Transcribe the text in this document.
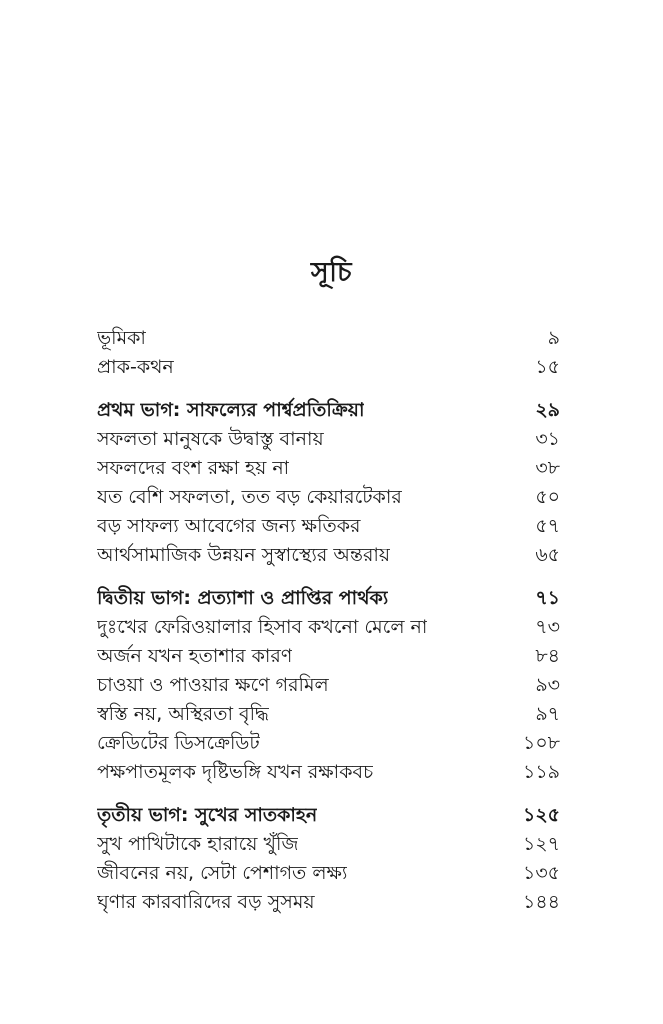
সূচি
ভূমিকা	৯
প্রাক-কথন	১৫
প্রথম ভাগ: সাফল্যের পার্শ্বপ্রতিক্রিয়া	২৯
সফলতা মানুষকে উদ্বাস্তু বানায়	৩১
সফলদের বংশ রক্ষা হয় না	৩৮
যত বেশি সফলতা, তত বড় কেয়ারটেকার	৫০
বড় সাফল্য আবেগের জন্য ক্ষতিকর	৫৭
আর্থসামাজিক উন্নয়ন সুস্বাস্থ্যের অন্তরায়	৬৫
দ্বিতীয় ভাগ: প্রত্যাশা ও প্রাপ্তির পার্থক্য	৭১
দুঃখের ফেরিওয়ালার হিসাব কখনো মেলে না	৭৩
অর্জন যখন হতাশার কারণ	৮৪
চাওয়া ও পাওয়ার ক্ষণে গরমিল	৯৩
স্বস্তি নয়, অস্থিরতা বৃদ্ধি	৯৭
ক্রেডিটের ডিসক্রেডিট	১০৮
পক্ষপাতমূলক দৃষ্টিভঙ্গি যখন রক্ষাকবচ	১১৯
তৃতীয় ভাগ: সুখের সাতকাহন	১২৫
সুখ পাখিটাকে হারায়ে খুঁজি	১২৭
জীবনের নয়, সেটা পেশাগত লক্ষ্য	১৩৫
ঘৃণার কারবারিদের বড় সুসময়	১৪৪
